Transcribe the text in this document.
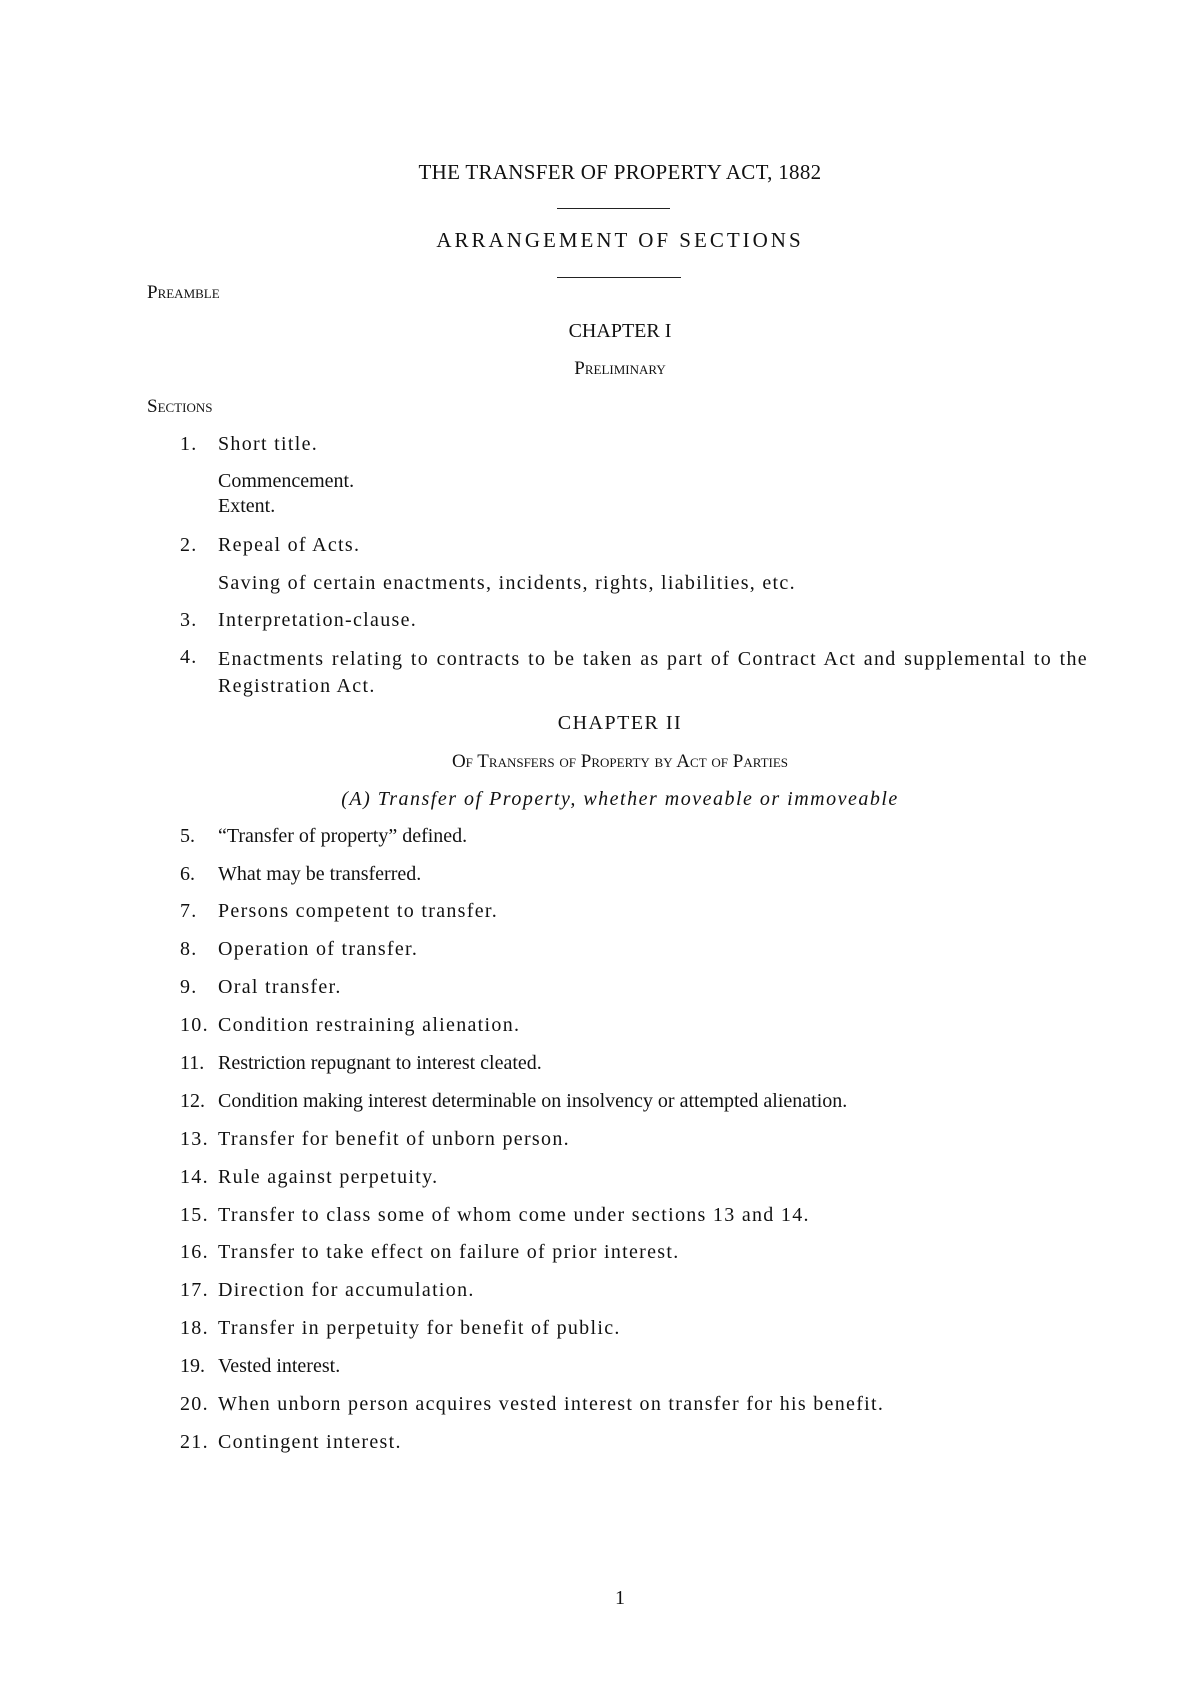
THE TRANSFER OF PROPERTY ACT, 1882
ARRANGEMENT OF SECTIONS
Preamble
CHAPTER I
Preliminary
Sections
1.	Short title.
Commencement.
Extent.
2.	Repeal of Acts.
Saving of certain enactments, incidents, rights, liabilities, etc.
3.	Interpretation-clause.
4.	Enactments relating to contracts to be taken as part of Contract Act and supplemental to the Registration Act.
CHAPTER II
Of Transfers of Property by Act of Parties
(A) Transfer of Property, whether moveable or immoveable
5.	“Transfer of property” defined.
6.	What may be transferred.
7.	Persons competent to transfer.
8.	Operation of transfer.
9.	Oral transfer.
10. Condition restraining alienation.
11. Restriction repugnant to interest cleated.
12. Condition making interest determinable on insolvency or attempted alienation.
13. Transfer for benefit of unborn person.
14. Rule against perpetuity.
15. Transfer to class some of whom come under sections 13 and 14.
16. Transfer to take effect on failure of prior interest.
17. Direction for accumulation.
18. Transfer in perpetuity for benefit of public.
19. Vested interest.
20. When unborn person acquires vested interest on transfer for his benefit.
21. Contingent interest.
1
